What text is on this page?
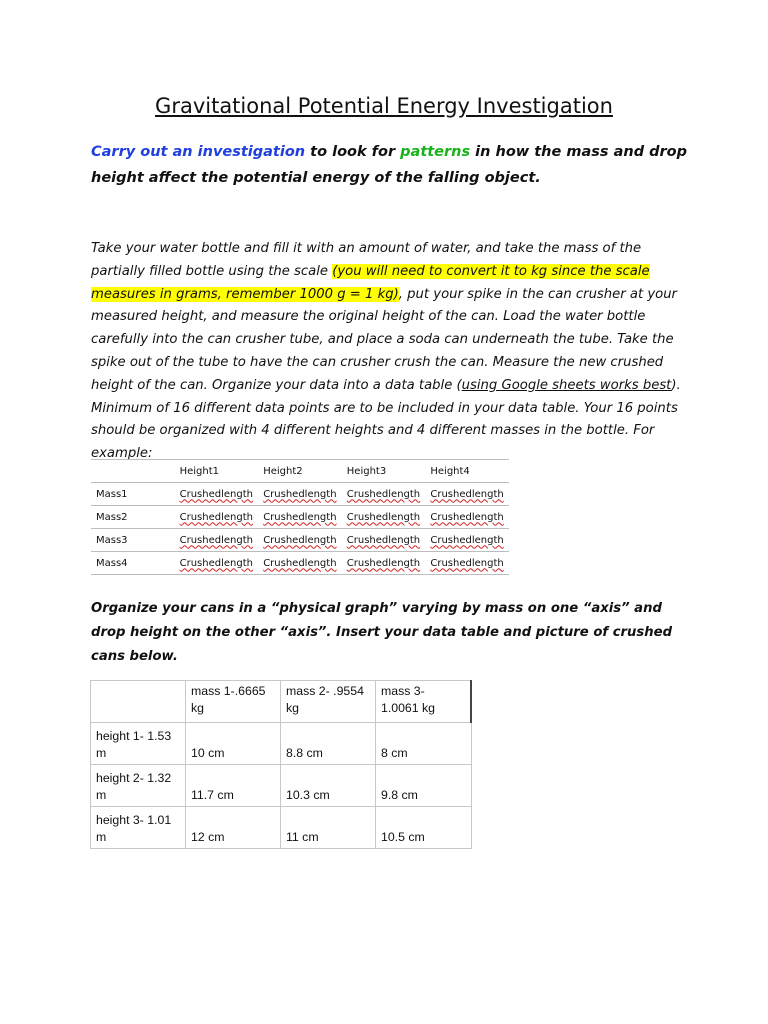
Gravitational Potential Energy Investigation
Carry out an investigation to look for patterns in how the mass and drop height affect the potential energy of the falling object.
Take your water bottle and fill it with an amount of water, and take the mass of the partially filled bottle using the scale (you will need to convert it to kg since the scale measures in grams, remember 1000 g = 1 kg), put your spike in the can crusher at your measured height, and measure the original height of the can. Load the water bottle carefully into the can crusher tube, and place a soda can underneath the tube. Take the spike out of the tube to have the can crusher crush the can. Measure the new crushed height of the can. Organize your data into a data table (using Google sheets works best). Minimum of 16 different data points are to be included in your data table. Your 16 points should be organized with 4 different heights and 4 different masses in the bottle. For example:
	Height1	Height2	Height3	Height4
Mass1	Crushedlength	Crushedlength	Crushedlength	Crushedlength
Mass2	Crushedlength	Crushedlength	Crushedlength	Crushedlength
Mass3	Crushedlength	Crushedlength	Crushedlength	Crushedlength
Mass4	Crushedlength	Crushedlength	Crushedlength	Crushedlength
Organize your cans in a “physical graph” varying by mass on one “axis” and drop height on the other “axis”. Insert your data table and picture of crushed cans below.
	mass 1-.6665 kg	mass 2- .9554 kg	mass 3- 1.0061 kg
height 1- 1.53 m	10 cm	8.8 cm	8 cm
height 2- 1.32 m	11.7 cm	10.3 cm	9.8 cm
height 3- 1.01 m	12 cm	11 cm	10.5 cm
